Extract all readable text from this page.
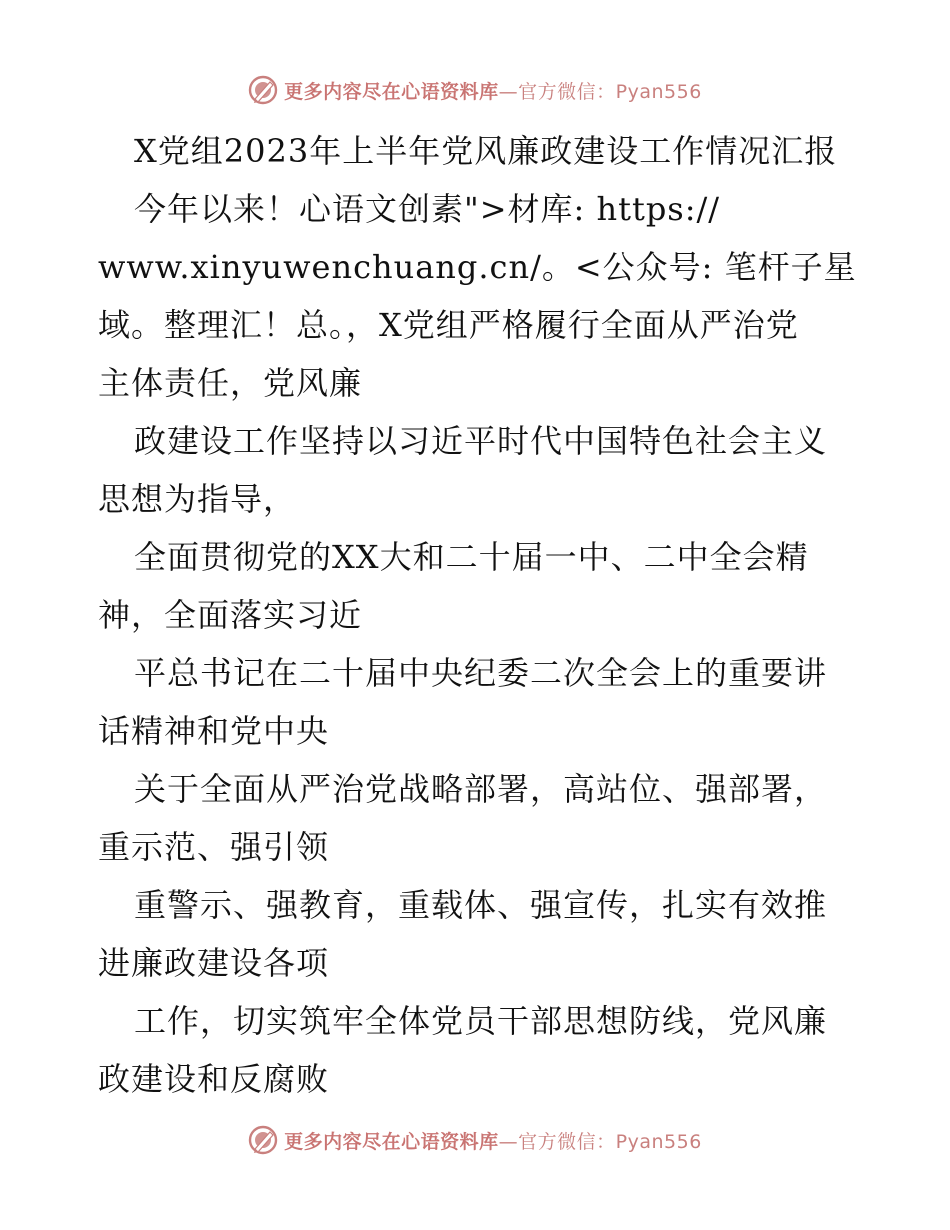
更多内容尽在心语资料库—官方微信：Pyan556
X党组2023年上半年党风廉政建设工作情况汇报
今年以来！心语文创素">材库: https://
www.xinyuwenchuang.cn/。<公众号: 笔杆子星
域。整理汇！总。，X党组严格履行全面从严治党
主体责任，党风廉
政建设工作坚持以习近平时代中国特色社会主义
思想为指导，
全面贯彻党的XX大和二十届一中、二中全会精
神，全面落实习近
平总书记在二十届中央纪委二次全会上的重要讲
话精神和党中央
关于全面从严治党战略部署，高站位、强部署，
重示范、强引领
重警示、强教育，重载体、强宣传，扎实有效推
进廉政建设各项
工作，切实筑牢全体党员干部思想防线，党风廉
政建设和反腐败
更多内容尽在心语资料库—官方微信：Pyan556
